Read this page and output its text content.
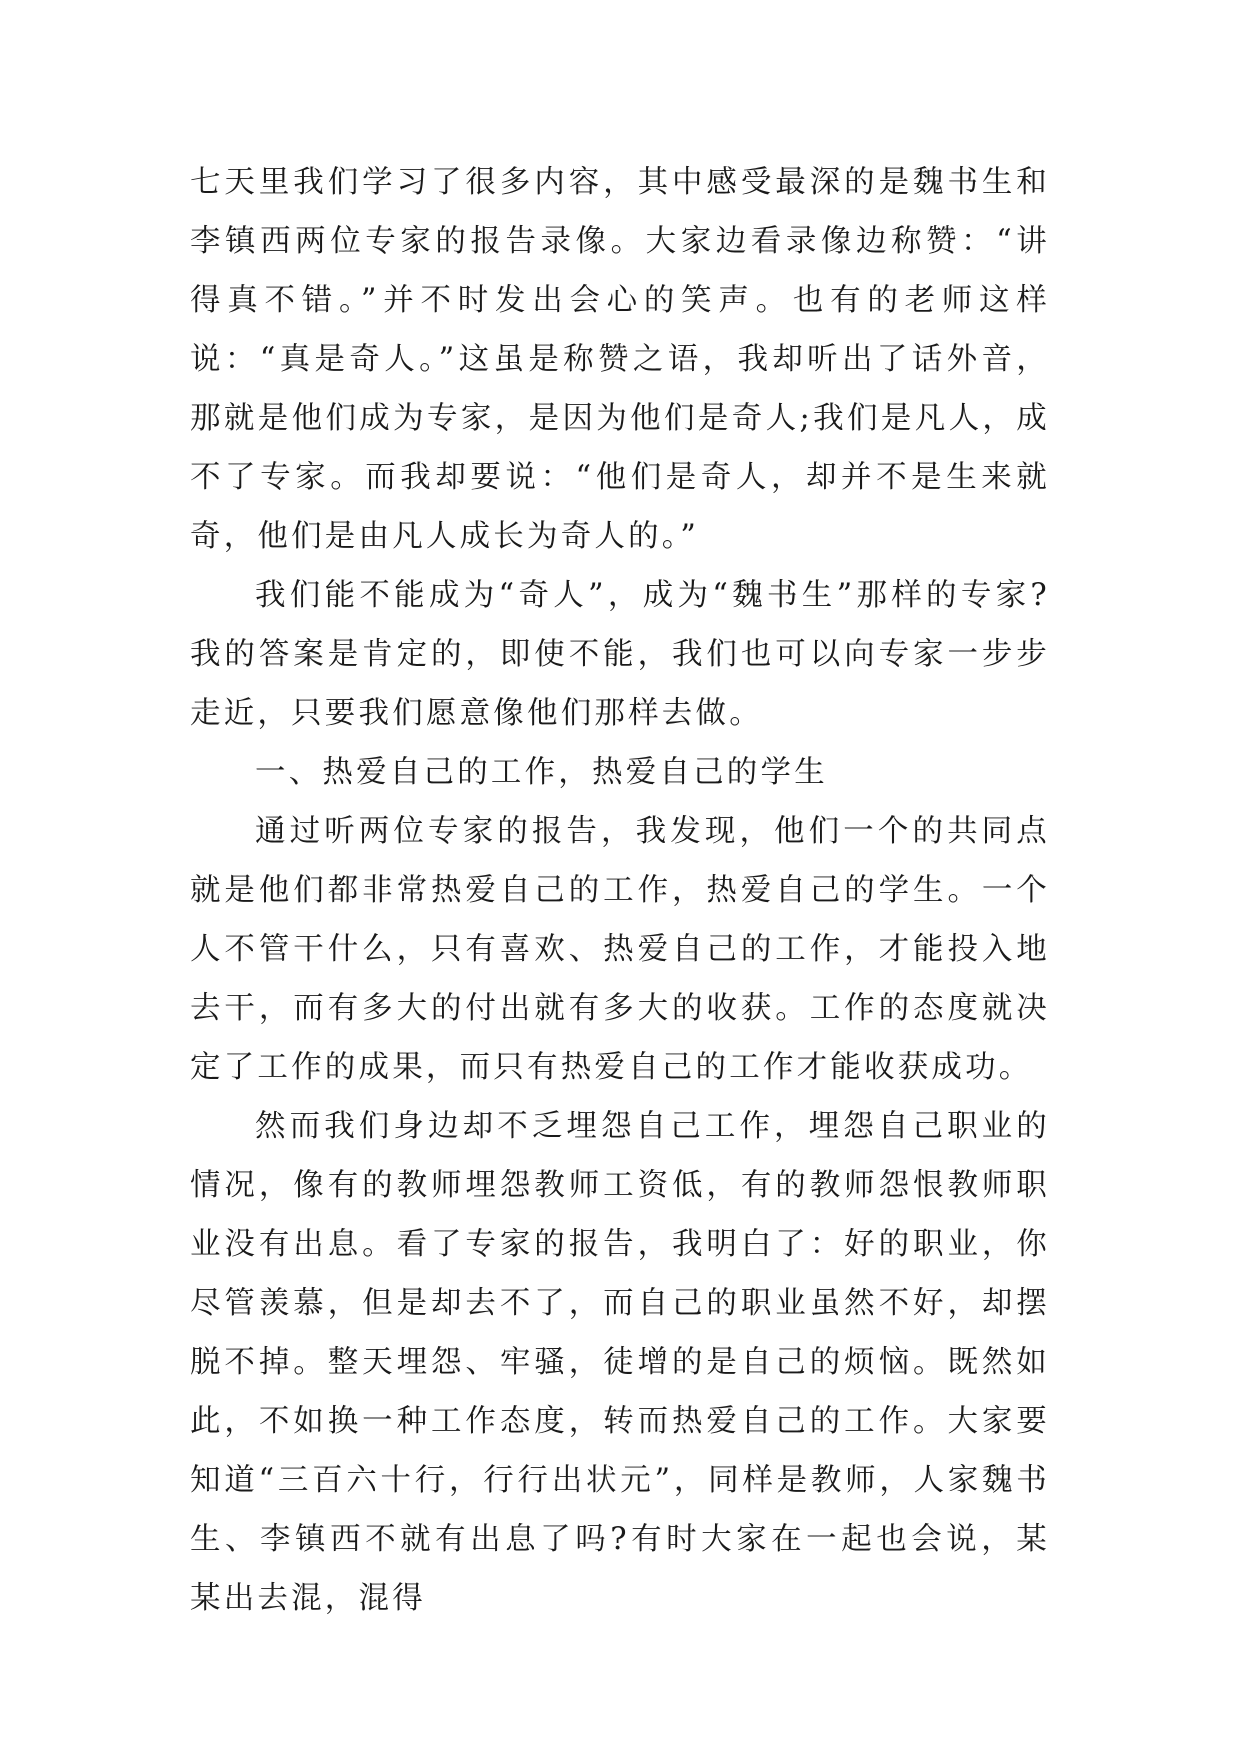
七天里我们学习了很多内容，其中感受最深的是魏书生和李镇西两位专家的报告录像。大家边看录像边称赞：“讲得真不错。”并不时发出会心的笑声。也有的老师这样说：“真是奇人。”这虽是称赞之语，我却听出了话外音，那就是他们成为专家，是因为他们是奇人;我们是凡人，成不了专家。而我却要说：“他们是奇人，却并不是生来就奇，他们是由凡人成长为奇人的。”

我们能不能成为“奇人”，成为“魏书生”那样的专家?我的答案是肯定的，即使不能，我们也可以向专家一步步走近，只要我们愿意像他们那样去做。

一、热爱自己的工作，热爱自己的学生

通过听两位专家的报告，我发现，他们一个的共同点就是他们都非常热爱自己的工作，热爱自己的学生。一个人不管干什么，只有喜欢、热爱自己的工作，才能投入地去干，而有多大的付出就有多大的收获。工作的态度就决定了工作的成果，而只有热爱自己的工作才能收获成功。

然而我们身边却不乏埋怨自己工作，埋怨自己职业的情况，像有的教师埋怨教师工资低，有的教师怨恨教师职业没有出息。看了专家的报告，我明白了：好的职业，你尽管羡慕，但是却去不了，而自己的职业虽然不好，却摆脱不掉。整天埋怨、牢骚，徒增的是自己的烦恼。既然如此，不如换一种工作态度，转而热爱自己的工作。大家要知道“三百六十行，行行出状元”，同样是教师，人家魏书生、李镇西不就有出息了吗?有时大家在一起也会说，某某出去混，混得
